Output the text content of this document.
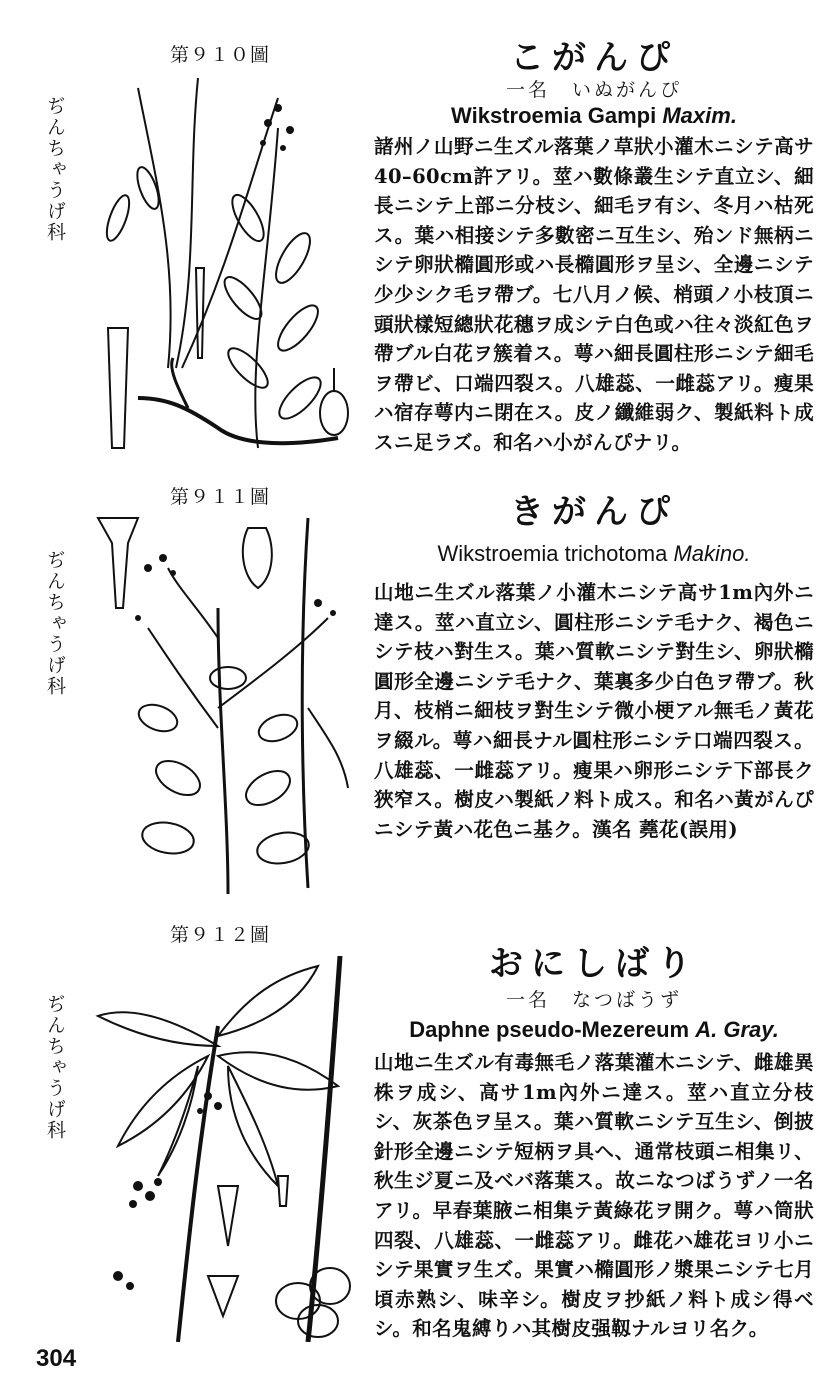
第９１０圖
ぢんちゃうげ科
こがんぴ
一名　いぬがんぴ
Wikstroemia Gampi Maxim.
諸州ノ山野ニ生ズル落葉ノ草狀小灌木ニシテ高サ40–60cm許アリ。莖ハ數條叢生シテ直立シ、細長ニシテ上部ニ分枝シ、細毛ヲ有シ、冬月ハ枯死ス。葉ハ相接シテ多數密ニ互生シ、殆ンド無柄ニシテ卵狀橢圓形或ハ長橢圓形ヲ呈シ、全邊ニシテ少少シク毛ヲ帶ブ。七八月ノ候、梢頭ノ小枝頂ニ頭狀樣短總狀花穗ヲ成シテ白色或ハ往々淡紅色ヲ帶ブル白花ヲ簇着ス。萼ハ細長圓柱形ニシテ細毛ヲ帶ビ、口端四裂ス。八雄蕊、一雌蕊アリ。瘦果ハ宿存萼内ニ閉在ス。皮ノ纖維弱ク、製紙料ト成スニ足ラズ。和名ハ小がんぴナリ。
第９１１圖
ぢんちゃうげ科
きがんぴ
Wikstroemia trichotoma Makino.
山地ニ生ズル落葉ノ小灌木ニシテ高サ1m內外ニ達ス。莖ハ直立シ、圓柱形ニシテ毛ナク、褐色ニシテ枝ハ對生ス。葉ハ質軟ニシテ對生シ、卵狀橢圓形全邊ニシテ毛ナク、葉裏多少白色ヲ帶ブ。秋月、枝梢ニ細枝ヲ對生シテ微小梗アル無毛ノ黃花ヲ綴ル。萼ハ細長ナル圓柱形ニシテ口端四裂ス。八雄蕊、一雌蕊アリ。瘦果ハ卵形ニシテ下部長ク狹窄ス。樹皮ハ製紙ノ料ト成ス。和名ハ黃がんぴニシテ黃ハ花色ニ基ク。漢名 蕘花(誤用)
第９１２圖
ぢんちゃうげ科
おにしばり
一名　なつばうず
Daphne pseudo-Mezereum A. Gray.
山地ニ生ズル有毒無毛ノ落葉灌木ニシテ、雌雄異株ヲ成シ、高サ1m內外ニ達ス。莖ハ直立分枝シ、灰茶色ヲ呈ス。葉ハ質軟ニシテ互生シ、倒披針形全邊ニシテ短柄ヲ具ヘ、通常枝頭ニ相集リ、秋生ジ夏ニ及ベバ落葉ス。故ニなつばうずノ一名アリ。早春葉腋ニ相集テ黃綠花ヲ開ク。萼ハ筒狀四裂、八雄蕊、一雌蕊アリ。雌花ハ雄花ヨリ小ニシテ果實ヲ生ズ。果實ハ橢圓形ノ漿果ニシテ七月頃赤熟シ、味辛シ。樹皮ヲ抄紙ノ料ト成シ得ベシ。和名鬼縛りハ其樹皮强靱ナルヨリ名ク。
304
